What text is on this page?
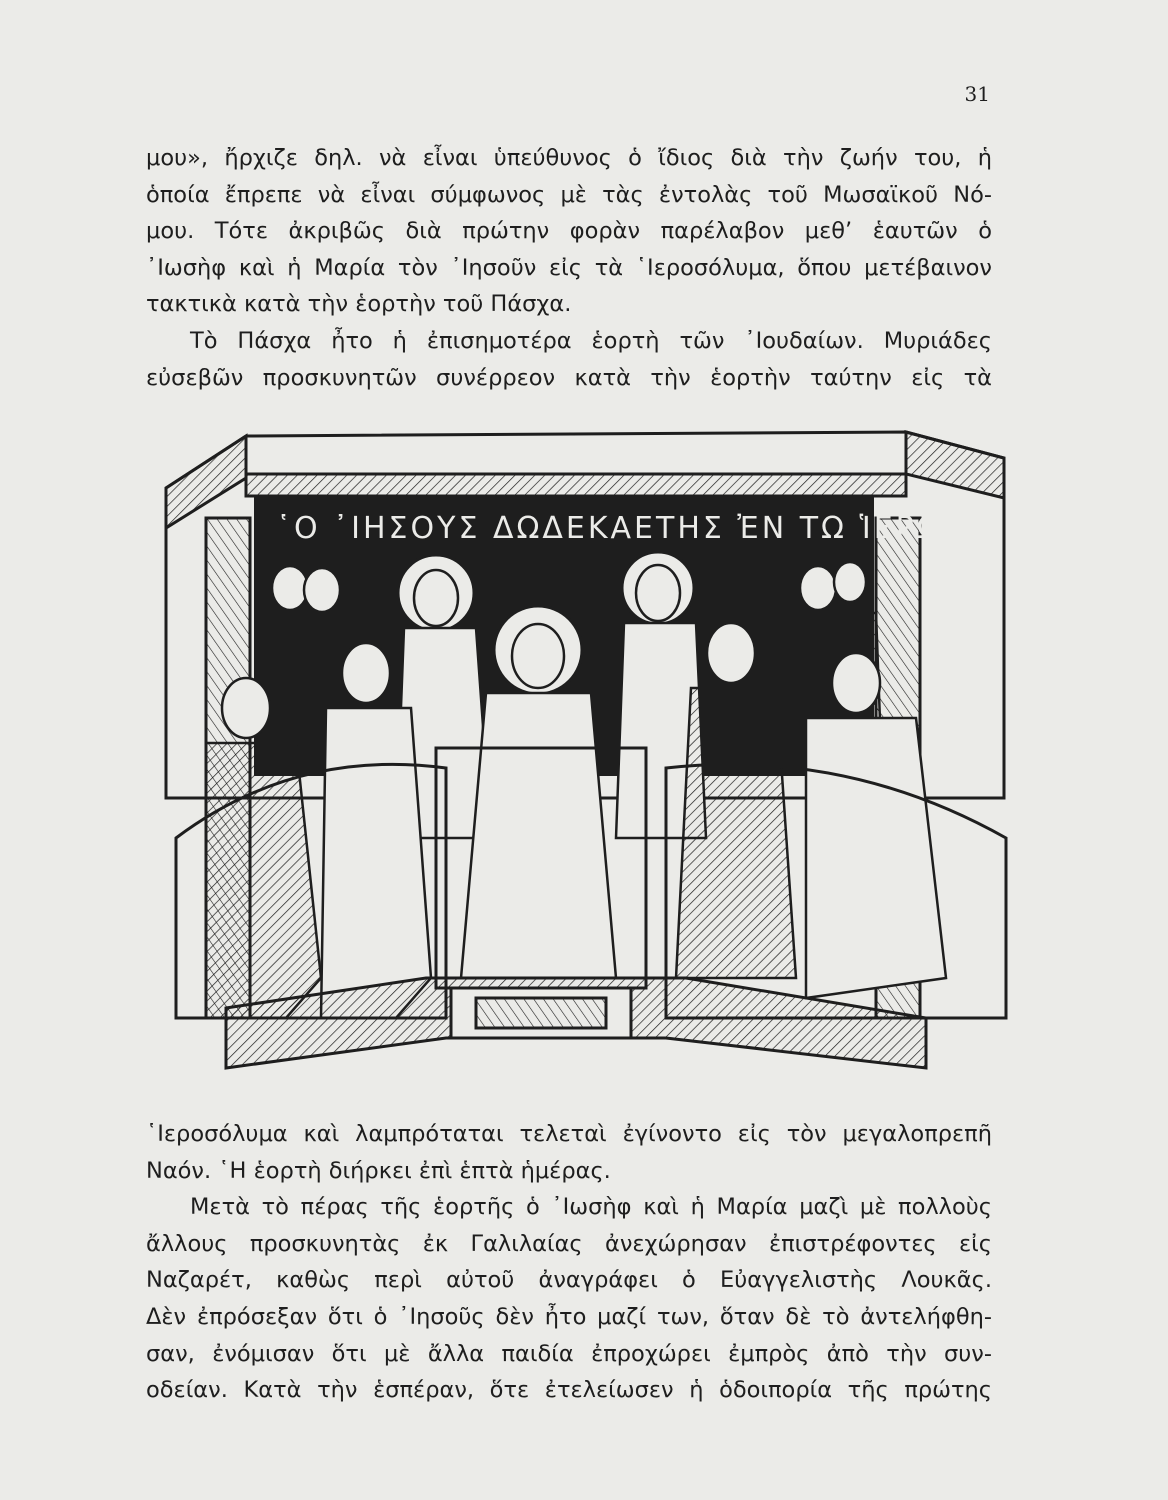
31

μου», ἤρχιζε δηλ. νὰ εἶναι ὑπεύθυνος ὁ ἴδιος διὰ τὴν ζωήν του, ἡ
ὁποία ἔπρεπε νὰ εἶναι σύμφωνος μὲ τὰς ἐντολὰς τοῦ Μωσαϊκοῦ Νό-
μου. Τότε ἀκριβῶς διὰ πρώτην φορὰν παρέλαβον μεθ’ ἑαυτῶν ὁ
᾿Ιωσὴφ καὶ ἡ Μαρία τὸν ᾿Ιησοῦν εἰς τὰ ῾Ιεροσόλυμα, ὅπου μετέβαινον
τακτικὰ κατὰ τὴν ἑορτὴν τοῦ Πάσχα.

Τὸ Πάσχα ἦτο ἡ ἐπισημοτέρα ἑορτὴ τῶν ᾿Ιουδαίων. Μυριάδες
εὐσεβῶν προσκυνητῶν συνέρρεον κατὰ τὴν ἑορτὴν ταύτην εἰς τὰ

῾Ο ᾿ΙΗΣΟΥΣ ΔΩΔΕΚΑΕΤΗΣ ἘΝ ΤΩ ἹΕΡΩ

῾Ιεροσόλυμα καὶ λαμπρόταται τελεταὶ ἐγίνοντο εἰς τὸν μεγαλοπρεπῆ
Ναόν. ῾Η ἑορτὴ διήρκει ἐπὶ ἑπτὰ ἡμέρας.

Μετὰ τὸ πέρας τῆς ἑορτῆς ὁ ᾿Ιωσὴφ καὶ ἡ Μαρία μαζὶ μὲ πολλοὺς
ἄλλους προσκυνητὰς ἐκ Γαλιλαίας ἀνεχώρησαν ἐπιστρέφοντες εἰς
Ναζαρέτ, καθὼς περὶ αὐτοῦ ἀναγράφει ὁ Εὐαγγελιστὴς Λουκᾶς.
Δὲν ἐπρόσεξαν ὅτι ὁ ᾿Ιησοῦς δὲν ἦτο μαζί των, ὅταν δὲ τὸ ἀντελήφθη-
σαν, ἐνόμισαν ὅτι μὲ ἄλλα παιδία ἐπροχώρει ἐμπρὸς ἀπὸ τὴν συν-
οδείαν. Κατὰ τὴν ἑσπέραν, ὅτε ἐτελείωσεν ἡ ὁδοιπορία τῆς πρώτης
